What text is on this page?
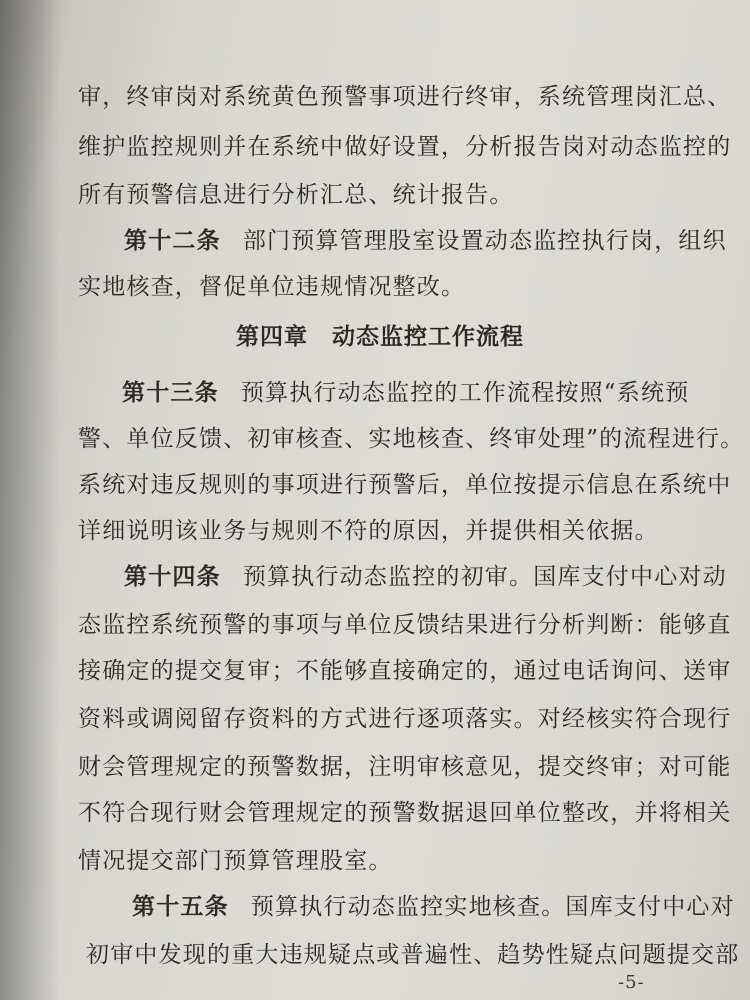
审，终审岗对系统黄色预警事项进行终审，系统管理岗汇总、
维护监控规则并在系统中做好设置，分析报告岗对动态监控的
所有预警信息进行分析汇总、统计报告。
第十二条 部门预算管理股室设置动态监控执行岗，组织
实地核查，督促单位违规情况整改。
第四章 动态监控工作流程
第十三条 预算执行动态监控的工作流程按照“系统预
警、单位反馈、初审核查、实地核查、终审处理”的流程进行。
系统对违反规则的事项进行预警后，单位按提示信息在系统中
详细说明该业务与规则不符的原因，并提供相关依据。
第十四条 预算执行动态监控的初审。国库支付中心对动
态监控系统预警的事项与单位反馈结果进行分析判断：能够直
接确定的提交复审；不能够直接确定的，通过电话询问、送审
资料或调阅留存资料的方式进行逐项落实。对经核实符合现行
财会管理规定的预警数据，注明审核意见，提交终审；对可能
不符合现行财会管理规定的预警数据退回单位整改，并将相关
情况提交部门预算管理股室。
第十五条 预算执行动态监控实地核查。国库支付中心对
初审中发现的重大违规疑点或普遍性、趋势性疑点问题提交部
-5-
